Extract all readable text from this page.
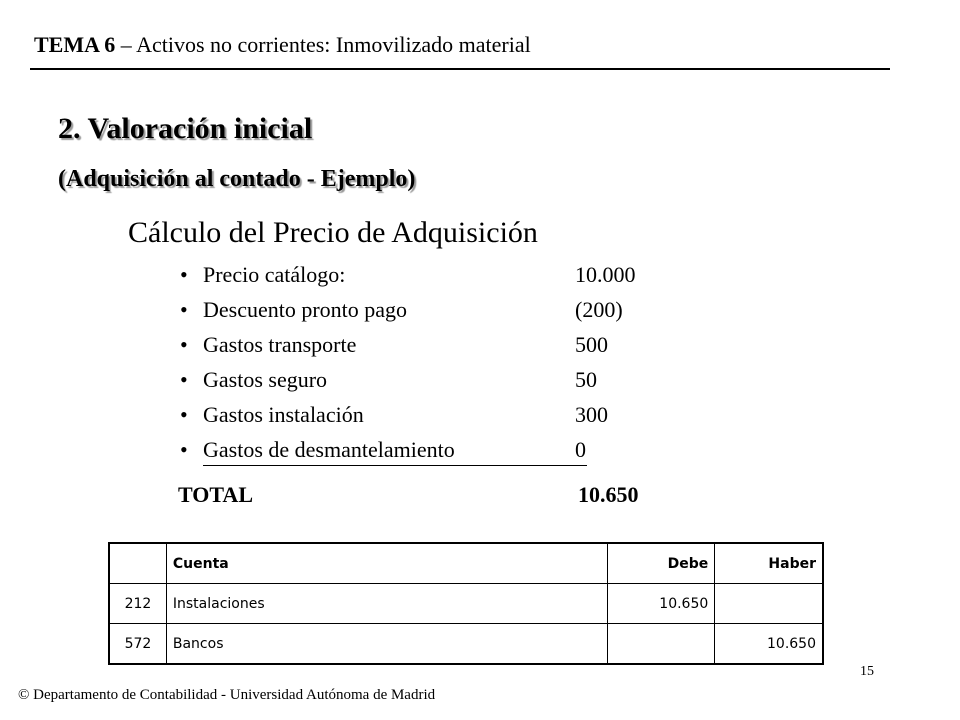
TEMA 6 – Activos no corrientes: Inmovilizado material
2. Valoración inicial
(Adquisición al contado - Ejemplo)
Cálculo del Precio de Adquisición
• Precio catálogo:	10.000
• Descuento pronto pago	(200)
• Gastos transporte	500
• Gastos seguro	50
• Gastos instalación	300
• Gastos de desmantelamiento	0
TOTAL	10.650
	Cuenta	Debe	Haber
212	Instalaciones	10.650	
572	Bancos		10.650
15
© Departamento de Contabilidad - Universidad Autónoma de Madrid
